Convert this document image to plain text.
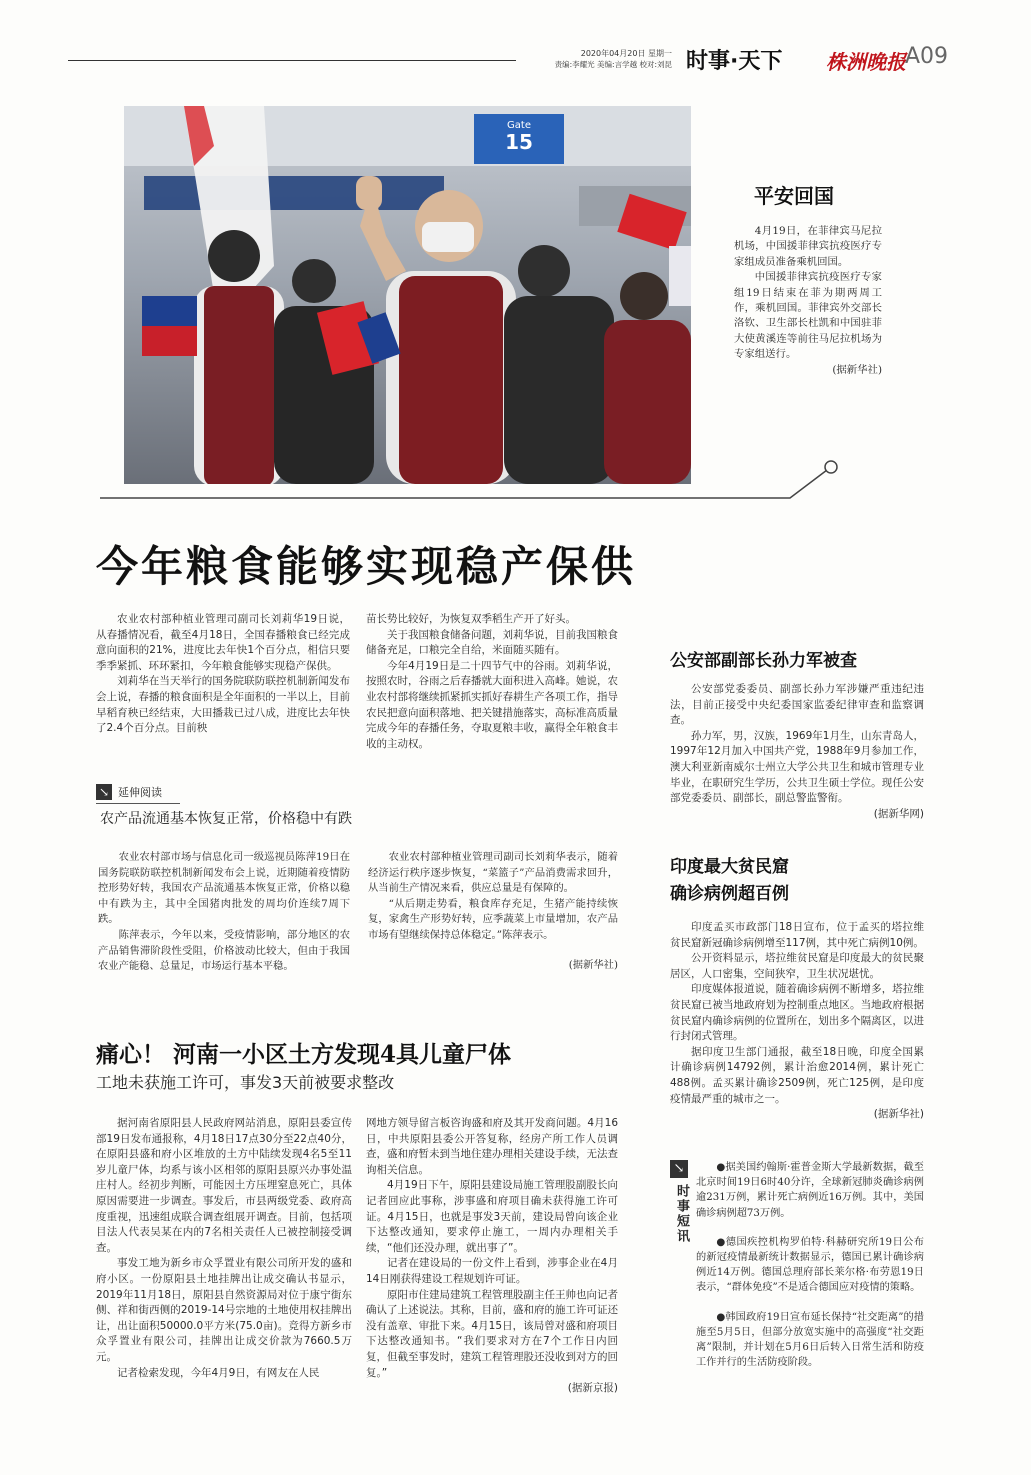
2020年04月20日 星期一
责编:李耀光 美编:言学越 校对:刘昆 时事·天下 株洲晚报 A09
Gate
15
平安回国

4月19日，在菲律宾马尼拉机场，中国援菲律宾抗疫医疗专家组成员准备乘机回国。

中国援菲律宾抗疫医疗专家组19日结束在菲为期两周工作，乘机回国。菲律宾外交部长洛钦、卫生部长杜凯和中国驻菲大使黄溪连等前往马尼拉机场为专家组送行。

(据新华社)
今年粮食能够实现稳产保供

农业农村部种植业管理司副司长刘莉华19日说，从春播情况看，截至4月18日，全国春播粮食已经完成意向面积的21%，进度比去年快1个百分点，相信只要季季紧抓、环环紧扣，今年粮食能够实现稳产保供。

刘莉华在当天举行的国务院联防联控机制新闻发布会上说，春播的粮食面积是全年面积的一半以上，目前早稻育秧已经结束，大田播栽已过八成，进度比去年快了2.4个百分点。目前秧

苗长势比较好，为恢复双季稻生产开了好头。

关于我国粮食储备问题，刘莉华说，目前我国粮食储备充足，口粮完全自给，米面随买随有。

今年4月19日是二十四节气中的谷雨。刘莉华说，按照农时，谷雨之后春播就大面积进入高峰。她说，农业农村部将继续抓紧抓实抓好春耕生产各项工作，指导农民把意向面积落地、把关键措施落实，高标准高质量完成今年的春播任务，夺取夏粮丰收，赢得全年粮食丰收的主动权。

↘ 延伸阅读
农产品流通基本恢复正常，价格稳中有跌

农业农村部市场与信息化司一级巡视员陈萍19日在国务院联防联控机制新闻发布会上说，近期随着疫情防控形势好转，我国农产品流通基本恢复正常，价格以稳中有跌为主，其中全国猪肉批发的周均价连续7周下跌。

陈萍表示，今年以来，受疫情影响，部分地区的农产品销售滞阶段性受阻，价格波动比较大，但由于我国农业产能稳、总量足，市场运行基本平稳。

农业农村部种植业管理司副司长刘莉华表示，随着经济运行秩序逐步恢复，“菜篮子”产品消费需求回升，从当前生产情况来看，供应总量是有保障的。

“从后期走势看，粮食库存充足，生猪产能持续恢复，家禽生产形势好转，应季蔬菜上市量增加，农产品市场有望继续保持总体稳定。”陈萍表示。

(据新华社)
痛心！ 河南一小区土方发现4具儿童尸体
工地未获施工许可，事发3天前被要求整改

据河南省原阳县人民政府网站消息，原阳县委宣传部19日发布通报称，4月18日17点30分至22点40分，在原阳县盛和府小区堆放的土方中陆续发现4名5至11岁儿童尸体，均系与该小区相邻的原阳县原兴办事处温庄村人。经初步判断，可能因土方压埋窒息死亡，具体原因需要进一步调查。事发后，市县两级党委、政府高度重视，迅速组成联合调查组展开调查。目前，包括项目法人代表吴某在内的7名相关责任人已被控制接受调查。

事发工地为新乡市众孚置业有限公司所开发的盛和府小区。一份原阳县土地挂牌出让成交确认书显示，2019年11月18日，原阳县自然资源局对位于康宁街东侧、祥和街西侧的2019-14号宗地的土地使用权挂牌出让，出让面积50000.0平方米(75.0亩)。竞得方新乡市众孚置业有限公司，挂牌出让成交价款为7660.5万元。

记者检索发现，今年4月9日，有网友在人民

网地方领导留言板咨询盛和府及其开发商问题。4月16日，中共原阳县委公开答复称，经房产所工作人员调查，盛和府暂未到当地住建办理相关建设手续，无法查询相关信息。

4月19日下午，原阳县建设局施工管理股副股长向记者回应此事称，涉事盛和府项目确未获得施工许可证。4月15日，也就是事发3天前，建设局曾向该企业下达整改通知，要求停止施工，一周内办理相关手续，“他们还没办理，就出事了”。

记者在建设局的一份文件上看到，涉事企业在4月14日刚获得建设工程规划许可证。

原阳市住建局建筑工程管理股副主任王帅也向记者确认了上述说法。其称，目前，盛和府的施工许可证还没有盖章、审批下来。4月15日，该局曾对盛和府项目下达整改通知书。“我们要求对方在7个工作日内回复，但截至事发时，建筑工程管理股还没收到对方的回复。”

(据新京报)
公安部副部长孙力军被查

公安部党委委员、副部长孙力军涉嫌严重违纪违法，目前正接受中央纪委国家监委纪律审查和监察调查。

孙力军，男，汉族，1969年1月生，山东青岛人，1997年12月加入中国共产党，1988年9月参加工作，澳大利亚新南威尔士州立大学公共卫生和城市管理专业毕业，在职研究生学历，公共卫生硕士学位。现任公安部党委委员、副部长，副总警监警衔。

(据新华网)
印度最大贫民窟
确诊病例超百例

印度孟买市政部门18日宣布，位于孟买的塔拉维贫民窟新冠确诊病例增至117例，其中死亡病例10例。

公开资料显示，塔拉维贫民窟是印度最大的贫民聚居区，人口密集，空间狭窄，卫生状况堪忧。

印度媒体报道说，随着确诊病例不断增多，塔拉维贫民窟已被当地政府划为控制重点地区。当地政府根据贫民窟内确诊病例的位置所在，划出多个隔离区，以进行封闭式管理。

据印度卫生部门通报，截至18日晚，印度全国累计确诊病例14792例，累计治愈2014例，累计死亡488例。孟买累计确诊2509例，死亡125例，是印度疫情最严重的城市之一。

(据新华社)
↘
时事短讯

●据美国约翰斯·霍普金斯大学最新数据，截至北京时间19日6时40分许，全球新冠肺炎确诊病例逾231万例，累计死亡病例近16万例。其中，美国确诊病例超73万例。

●德国疾控机构罗伯特·科赫研究所19日公布的新冠疫情最新统计数据显示，德国已累计确诊病例近14万例。德国总理府部长莱尔格·布劳恩19日表示，“群体免疫”不是适合德国应对疫情的策略。

●韩国政府19日宣布延长保持“社交距离”的措施至5月5日，但部分放宽实施中的高强度“社交距离”限制，并计划在5月6日后转入日常生活和防疫工作并行的生活防疫阶段。
